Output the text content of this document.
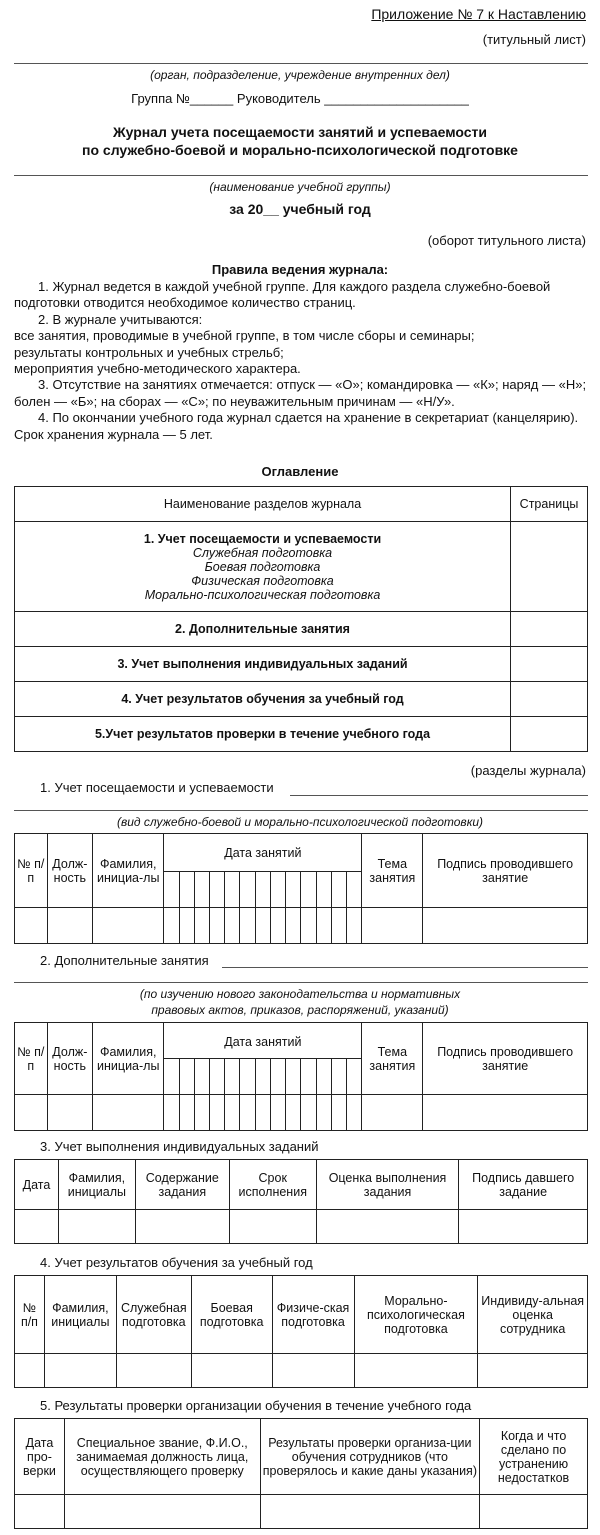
Приложение № 7 к Наставлению
(титульный лист)
(орган, подразделение, учреждение внутренних дел)
Группа №______ Руководитель ____________________
Журнал учета посещаемости занятий и успеваемости
по служебно-боевой и морально-психологической подготовке
(наименование учебной группы)
за 20__ учебный год
(оборот титульного листа)
Правила ведения журнала:

1. Журнал ведется в каждой учебной группе. Для каждого раздела служебно-боевой подготовки отводится необходимое количество страниц.

2. В журнале учитываются:

все занятия, проводимые в учебной группе, в том числе сборы и семинары;

результаты контрольных и учебных стрельб;

мероприятия учебно-методического характера.

3. Отсутствие на занятиях отмечается: отпуск — «О»; командировка — «К»; наряд — «Н»; болен — «Б»; на сборах — «С»; по неуважительным причинам — «Н/У».

4. По окончании учебного года журнал сдается на хранение в секретариат (канцелярию). Срок хранения журнала — 5 лет.

Оглавление
Наименование разделов журнала	Страницы

1. Учет посещаемости и успеваемости
Служебная подготовка
Боевая подготовка
Физическая подготовка
Морально-психологическая подготовка	

2. Дополнительные занятия	
3. Учет выполнения индивидуальных заданий	
4. Учет результатов обучения за учебный год	
5.Учет результатов проверки в течение учебного года	
(разделы журнала)
1. Учет посещаемости и успеваемости
(вид служебно-боевой и морально-психологической подготовки)
№ п/п	Долж-ность	Фамилия, инициа-лы	Дата занятий													Тема занятия	Подпись проводившего занятие

2. Дополнительные занятия
(по изучению нового законодательства и нормативных
правовых актов, приказов, распоряжений, указаний)
№ п/п	Долж-ность	Фамилия, инициа-лы	Дата занятий													Тема занятия	Подпись проводившего занятие

3. Учет выполнения индивидуальных заданий
Дата	Фамилия, инициалы	Содержание задания	Срок исполнения	Оценка выполнения задания	Подпись давшего задание

4. Учет результатов обучения за учебный год
№ п/п	Фамилия, инициалы	Служебная подготовка	Боевая подготовка	Физиче-ская подготовка	Морально-психологическая подготовка	Индивиду-альная оценка сотрудника

5. Результаты проверки организации обучения в течение учебного года
Дата про-верки	Специальное звание, Ф.И.О., занимаемая должность лица, осуществляющего проверку	Результаты проверки организа-ции обучения сотрудников (что проверялось и какие даны указания)	Когда и что сделано по устранению недостатков
